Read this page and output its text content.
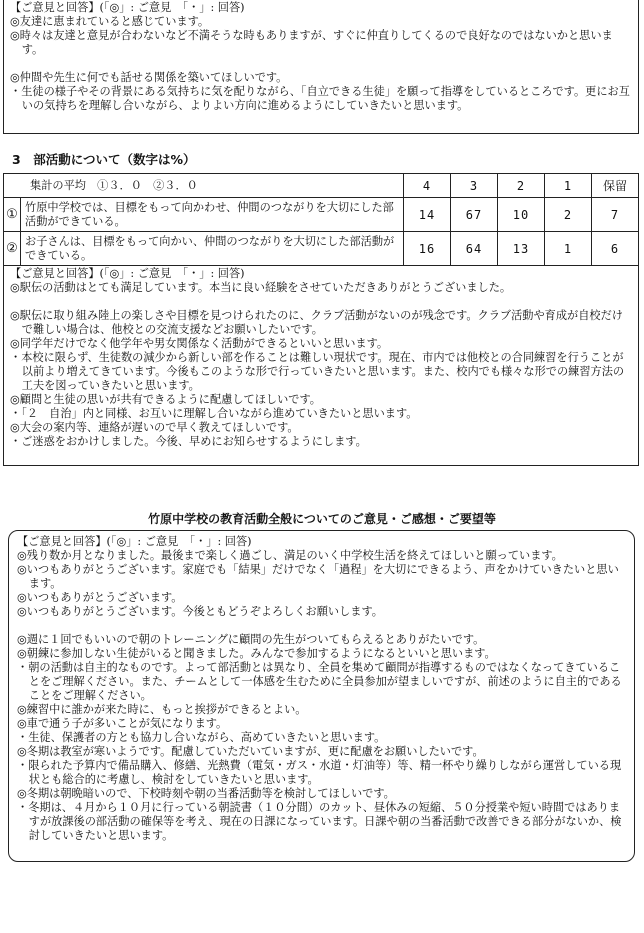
【ご意見と回答】(「◎」: ご意見　「・」: 回答)
◎友達に恵まれていると感じています。
◎時々は友達と意見が合わないなど不満そうな時もありますが、すぐに仲直りしてくるので良好なのではないかと思います。
◎仲間や先生に何でも話せる関係を築いてほしいです。
・生徒の様子やその背景にある気持ちに気を配りながら、「自立できる生徒」を願って指導をしているところです。更にお互いの気持ちを理解し合いながら、よりよい方向に進めるようにしていきたいと思います。
3　部活動について（数字は%）
集計の平均　①３．０　②３．０		4	3	2	1	保留
①	竹原中学校では、目標をもって向かわせ、仲間のつながりを大切にした部活動ができている。	14	67	10	2	7
②	お子さんは、目標をもって向かい、仲間のつながりを大切にした部活動ができている。	16	64	13	1	6
【ご意見と回答】(「◎」: ご意見　「・」: 回答)
◎駅伝の活動はとても満足しています。本当に良い経験をさせていただきありがとうございました。
◎駅伝に取り組み陸上の楽しさや目標を見つけられたのに、クラブ活動がないのが残念です。クラブ活動や育成が自校だけで難しい場合は、他校との交流支援などお願いしたいです。
◎同学年だけでなく他学年や男女関係なく活動ができるといいと思います。
・本校に限らず、生徒数の減少から新しい部を作ることは難しい現状です。現在、市内では他校との合同練習を行うことが以前より増えてきています。今後もこのような形で行っていきたいと思います。また、校内でも様々な形での練習方法の工夫を図っていきたいと思います。
◎顧問と生徒の思いが共有できるように配慮してほしいです。
・「２　自治」内と同様、お互いに理解し合いながら進めていきたいと思います。
◎大会の案内等、連絡が遅いので早く教えてほしいです。
・ご迷惑をおかけしました。今後、早めにお知らせするようにします。
竹原中学校の教育活動全般についてのご意見・ご感想・ご要望等
【ご意見と回答】(「◎」: ご意見　「・」: 回答)
◎残り数か月となりました。最後まで楽しく過ごし、満足のいく中学校生活を終えてほしいと願っています。
◎いつもありがとうございます。家庭でも「結果」だけでなく「過程」を大切にできるよう、声をかけていきたいと思います。
◎いつもありがとうございます。
◎いつもありがとうございます。今後ともどうぞよろしくお願いします。
◎週に１回でもいいので朝のトレーニングに顧問の先生がついてもらえるとありがたいです。
◎朝練に参加しない生徒がいると聞きました。みんなで参加するようになるといいと思います。
・朝の活動は自主的なものです。よって部活動とは異なり、全員を集めて顧問が指導するものではなくなってきていることをご理解ください。また、チームとして一体感を生むために全員参加が望ましいですが、前述のように自主的であることをご理解ください。
◎練習中に誰かが来た時に、もっと挨拶ができるとよい。
◎車で通う子が多いことが気になります。
・生徒、保護者の方とも協力し合いながら、高めていきたいと思います。
◎冬期は教室が寒いようです。配慮していただいていますが、更に配慮をお願いしたいです。
・限られた予算内で備品購入、修繕、光熱費（電気・ガス・水道・灯油等）等、精一杯やり繰りしながら運営している現状とも総合的に考慮し、検討をしていきたいと思います。
◎冬期は朝晩暗いので、下校時刻や朝の当番活動等を検討してほしいです。
・冬期は、４月から１０月に行っている朝読書（１０分間）のカット、昼休みの短縮、５０分授業や短い時間ではありますが放課後の部活動の確保等を考え、現在の日課になっています。日課や朝の当番活動で改善できる部分がないか、検討していきたいと思います。
